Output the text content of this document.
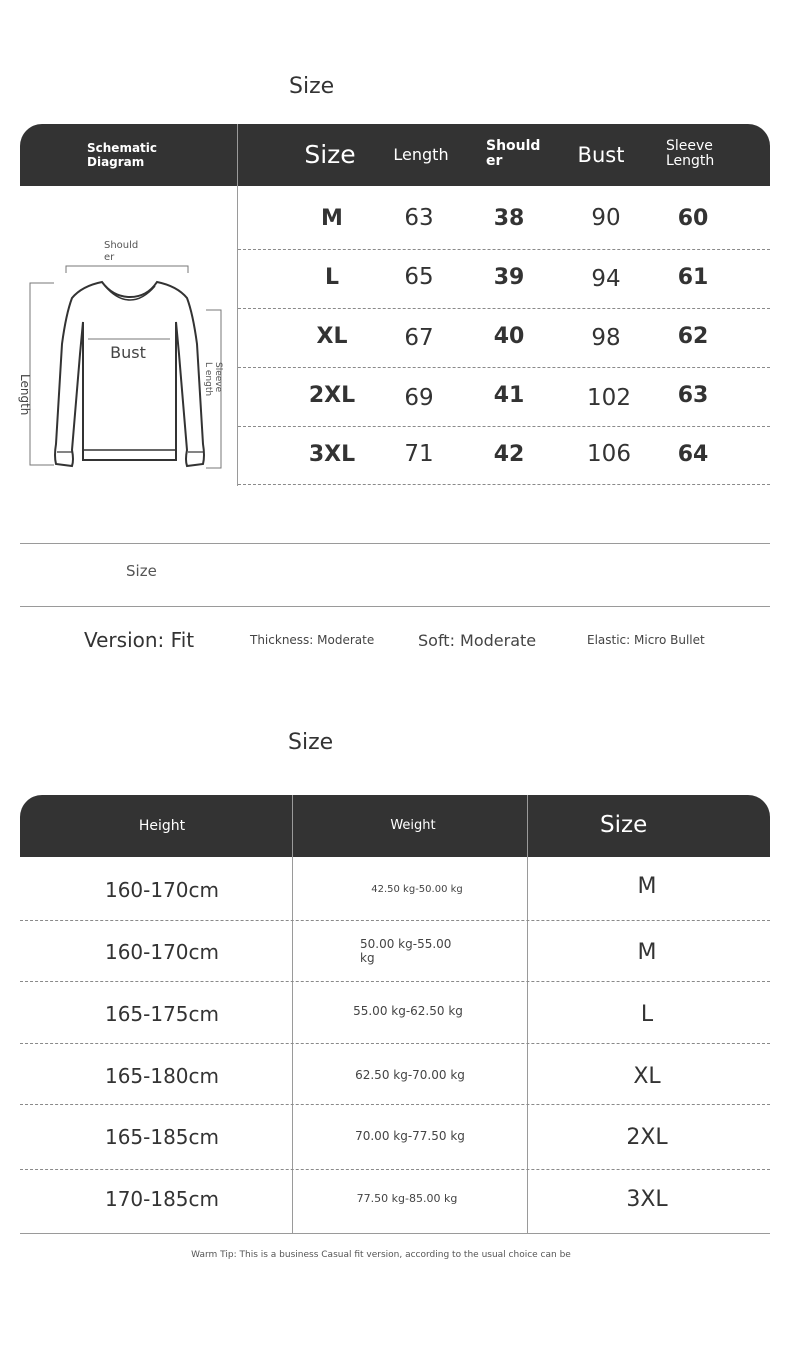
Size
Schematic Diagram	Size	Length	Should er	Bust	Sleeve Length
M	63	38	90	60
L	65	39	94	61
XL	67	40	98	62
2XL	69	41	102	63
3XL	71	42	106	64
Should er
Bust
Length	Sleeve L ength
Size
Version: Fit	Thickness: Moderate	Soft: Moderate	Elastic: Micro Bullet
Size
Height	Weight	Size
160-170cm	42.50 kg-50.00 kg	M
160-170cm	50.00 kg-55.00 kg	M
165-175cm	55.00 kg-62.50 kg	L
165-180cm	62.50 kg-70.00 kg	XL
165-185cm	70.00 kg-77.50 kg	2XL
170-185cm	77.50 kg-85.00 kg	3XL
Warm Tip: This is a business Casual fit version, according to the usual choice can be
